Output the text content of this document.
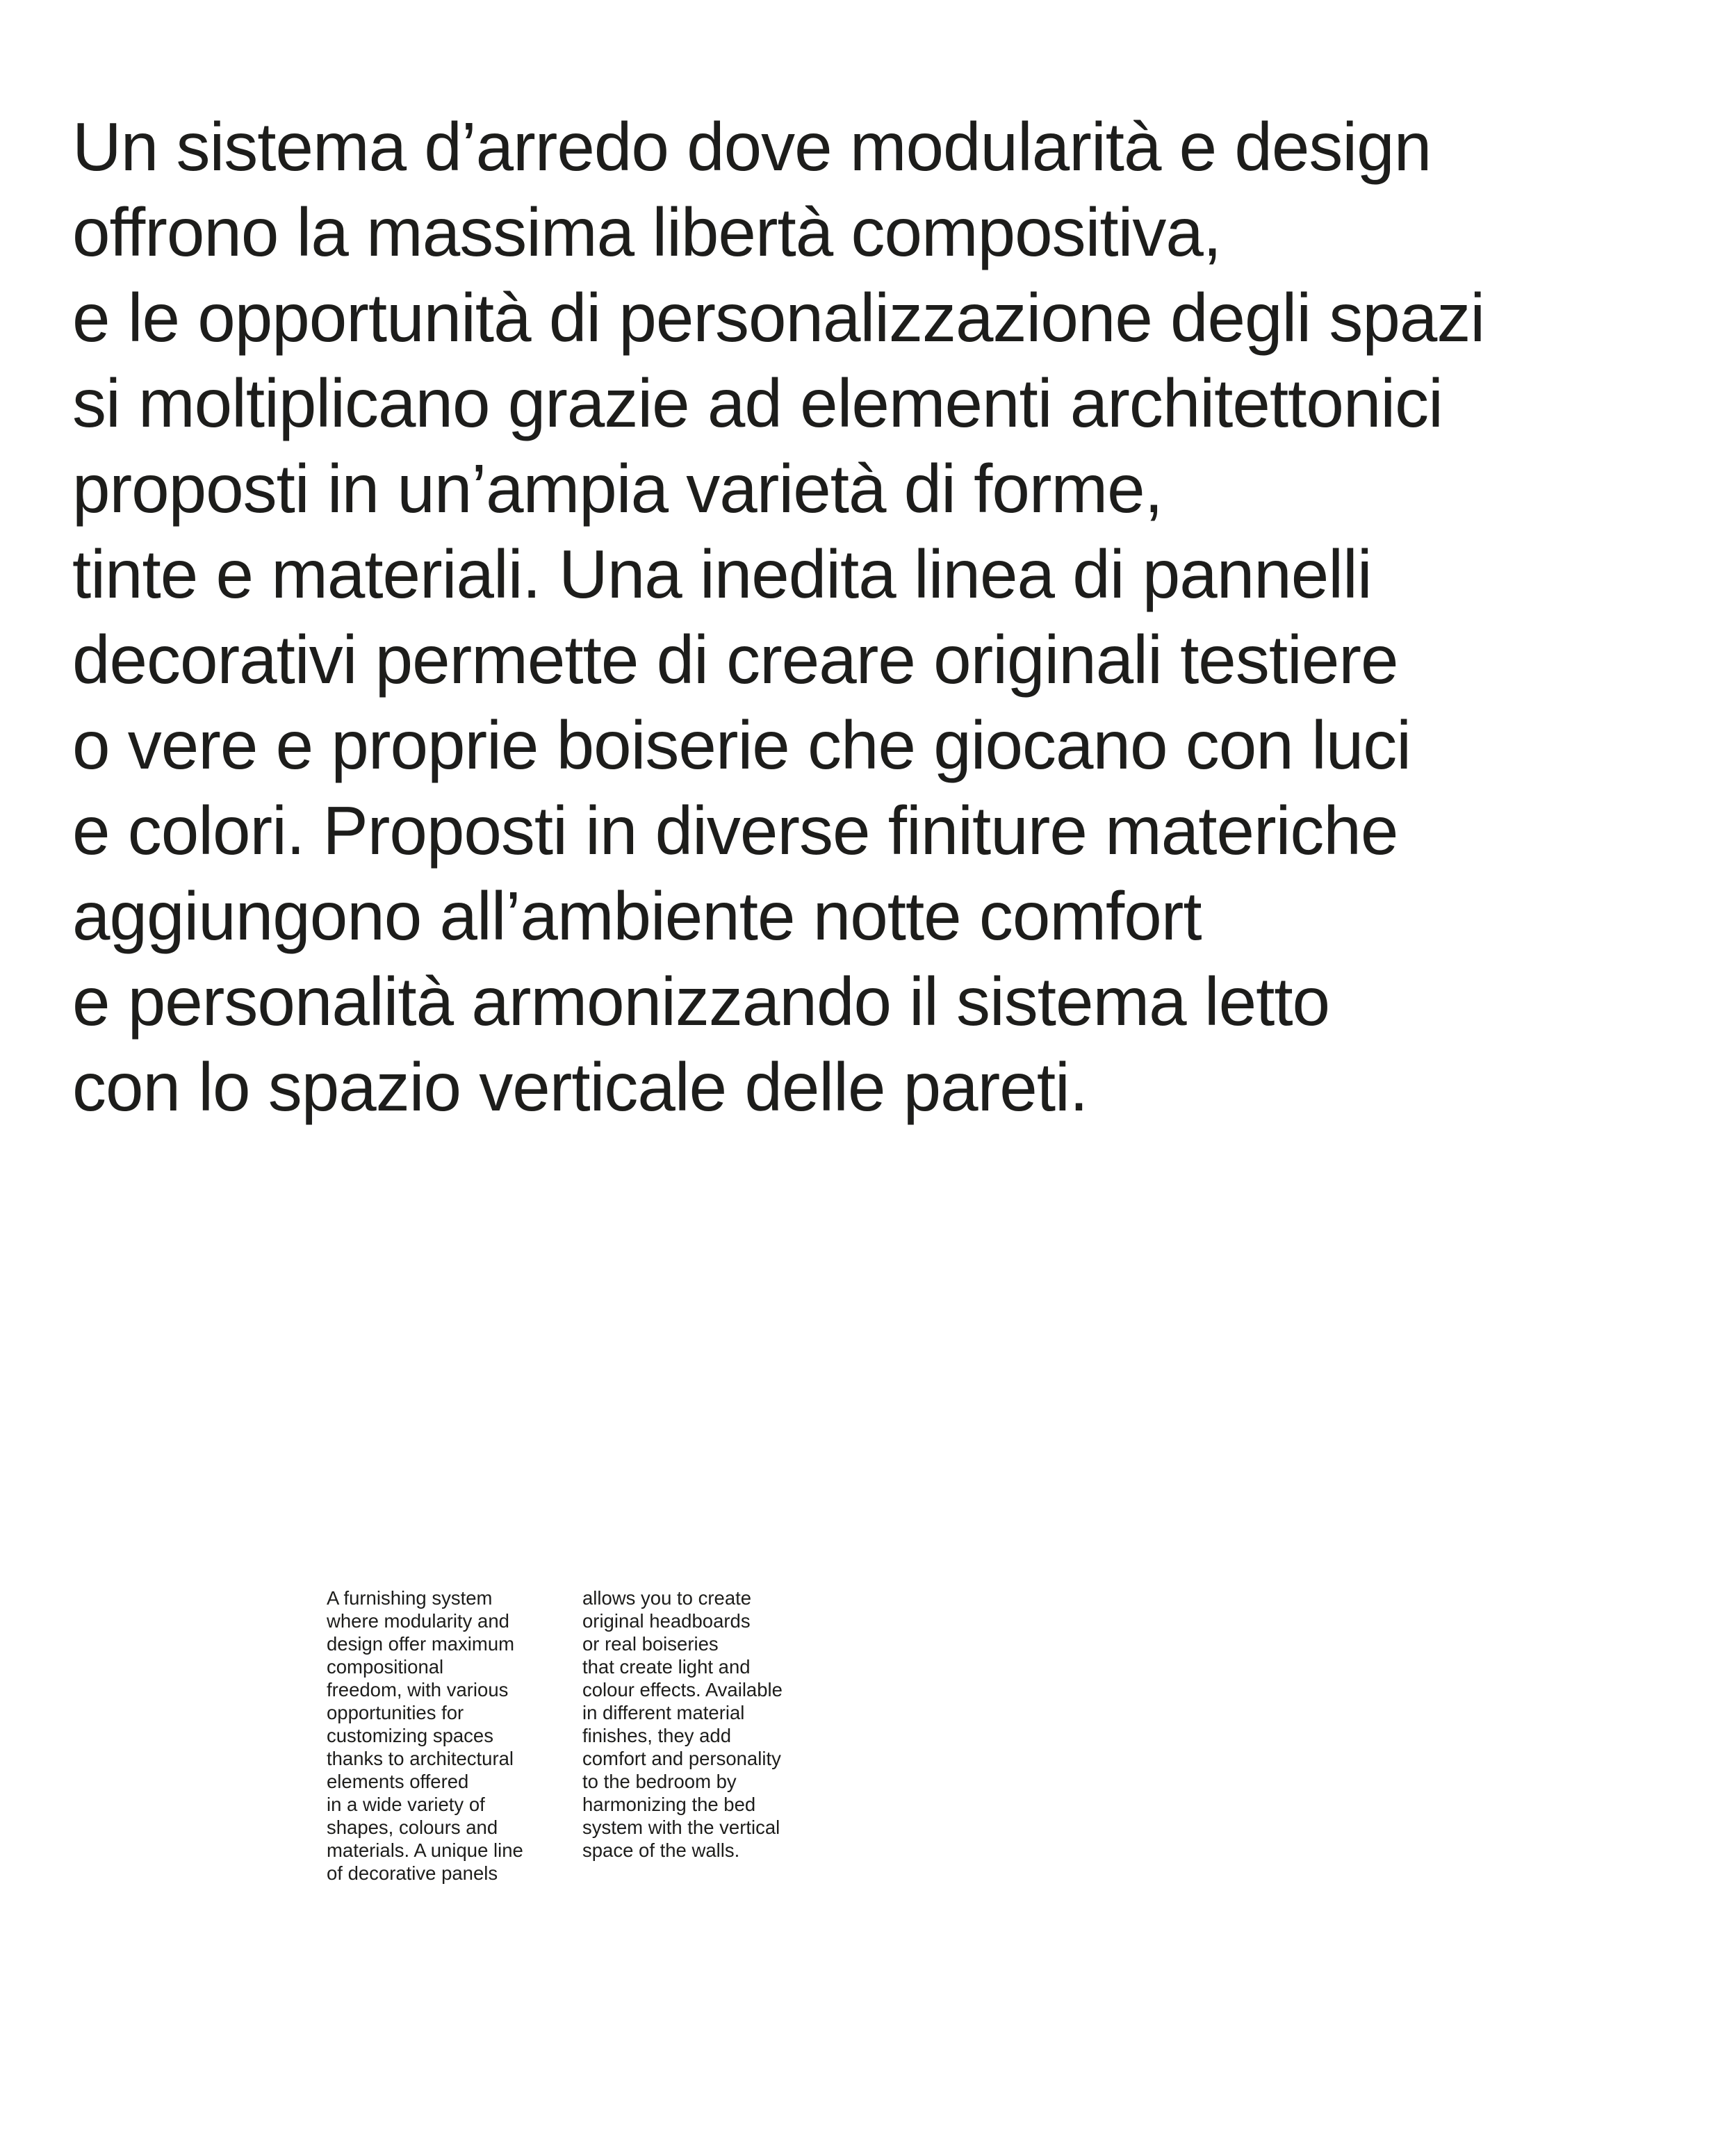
Un sistema d’arredo dove modularità e design
offrono la massima libertà compositiva,
e le opportunità di personalizzazione degli spazi
si moltiplicano grazie ad elementi architettonici
proposti in un’ampia varietà di forme,
tinte e materiali. Una inedita linea di pannelli
decorativi permette di creare originali testiere
o vere e proprie boiserie che giocano con luci
e colori. Proposti in diverse finiture materiche
aggiungono all’ambiente notte comfort
e personalità armonizzando il sistema letto
con lo spazio verticale delle pareti.

A furnishing system
where modularity and
design offer maximum
compositional
freedom, with various
opportunities for
customizing spaces
thanks to architectural
elements offered
in a wide variety of
shapes, colours and
materials. A unique line
of decorative panels
allows you to create
original headboards
or real boiseries
that create light and
colour effects. Available
in different material
finishes, they add
comfort and personality
to the bedroom by
harmonizing the bed
system with the vertical
space of the walls.
